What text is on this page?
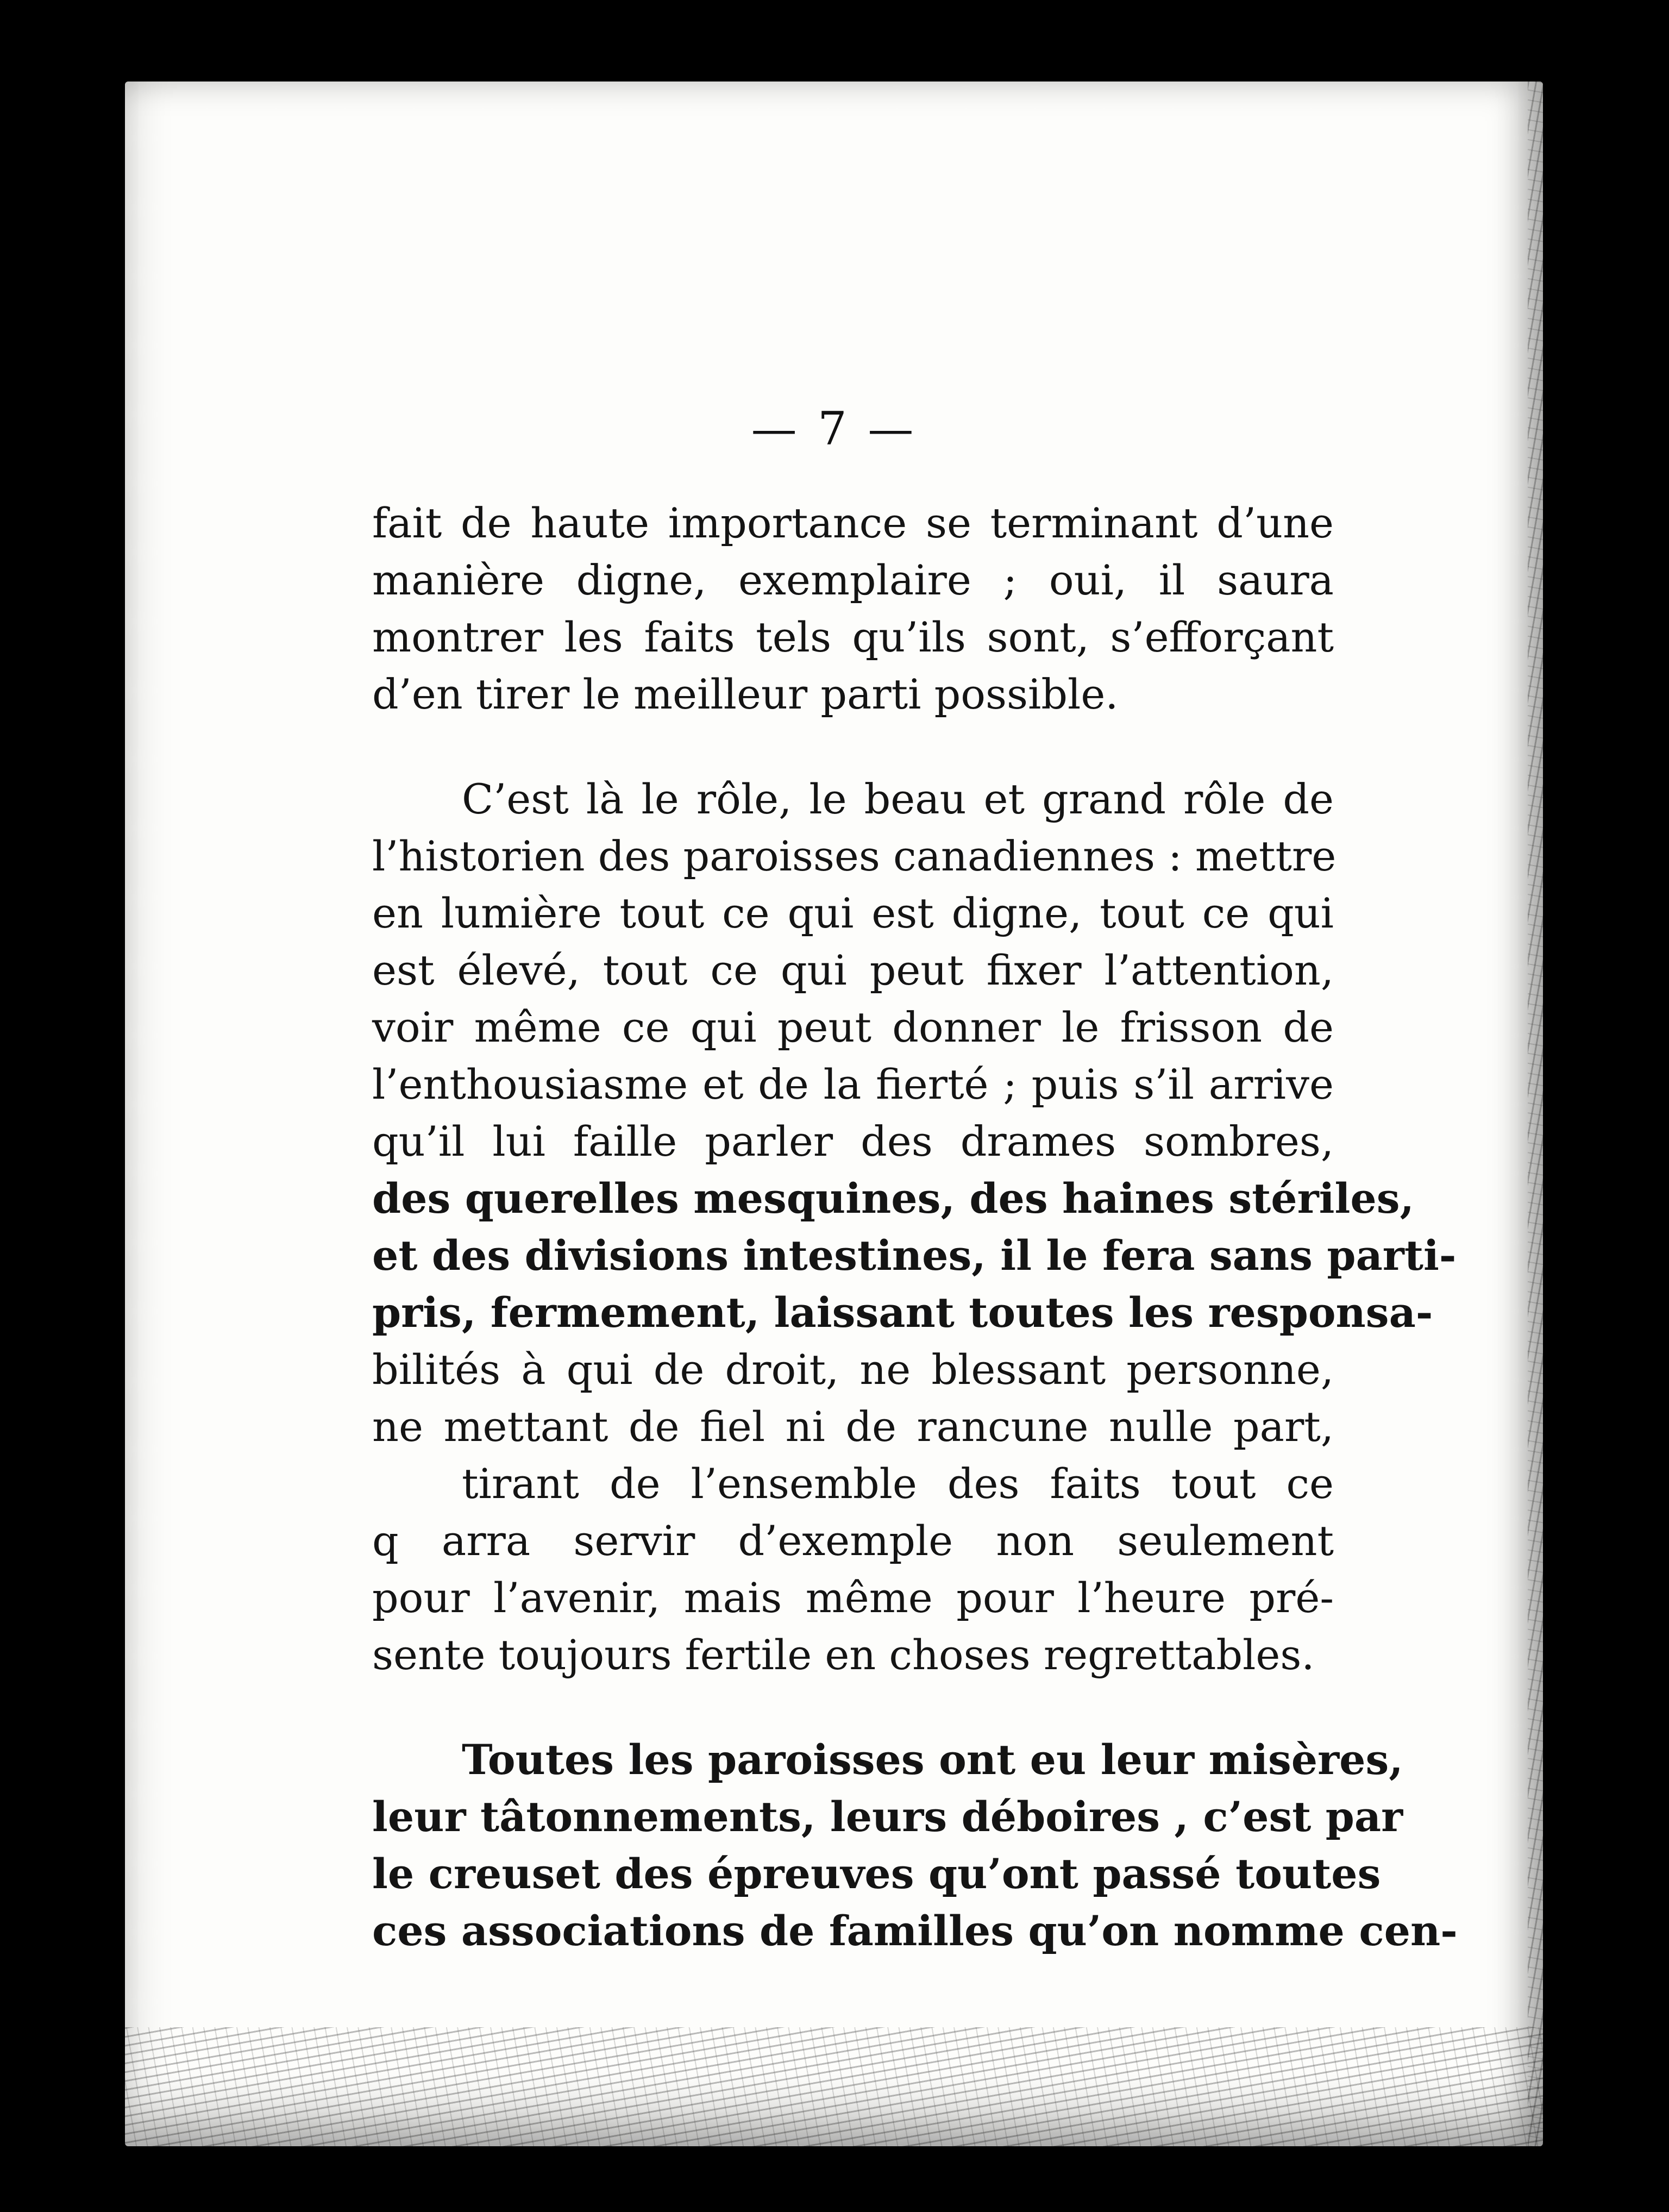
— 7 —
fait de haute importance se terminant d’une
manière digne, exemplaire ; oui, il saura
montrer les faits tels qu’ils sont, s’efforçant
d’en tirer le meilleur parti possible.
C’est là le rôle, le beau et grand rôle de
l’historien des paroisses canadiennes : mettre
en lumière tout ce qui est digne, tout ce qui
est élevé, tout ce qui peut fixer l’attention,
voir même ce qui peut donner le frisson de
l’enthousiasme et de la fierté ; puis s’il arrive
qu’il lui faille parler des drames sombres,
des querelles mesquines, des haines stériles,
et des divisions intestines, il le fera sans parti-
pris, fermement, laissant toutes les responsa-
bilités à qui de droit, ne blessant personne,
ne mettant de fiel ni de rancune nulle part,
tirant de l’ensemble des faits tout ce
q arra servir d’exemple non seulement
pour l’avenir, mais même pour l’heure pré-
sente toujours fertile en choses regrettables.
Toutes les paroisses ont eu leur misères,
leur tâtonnements, leurs déboires , c’est par
le creuset des épreuves qu’ont passé toutes
ces associations de familles qu’on nomme cen-
